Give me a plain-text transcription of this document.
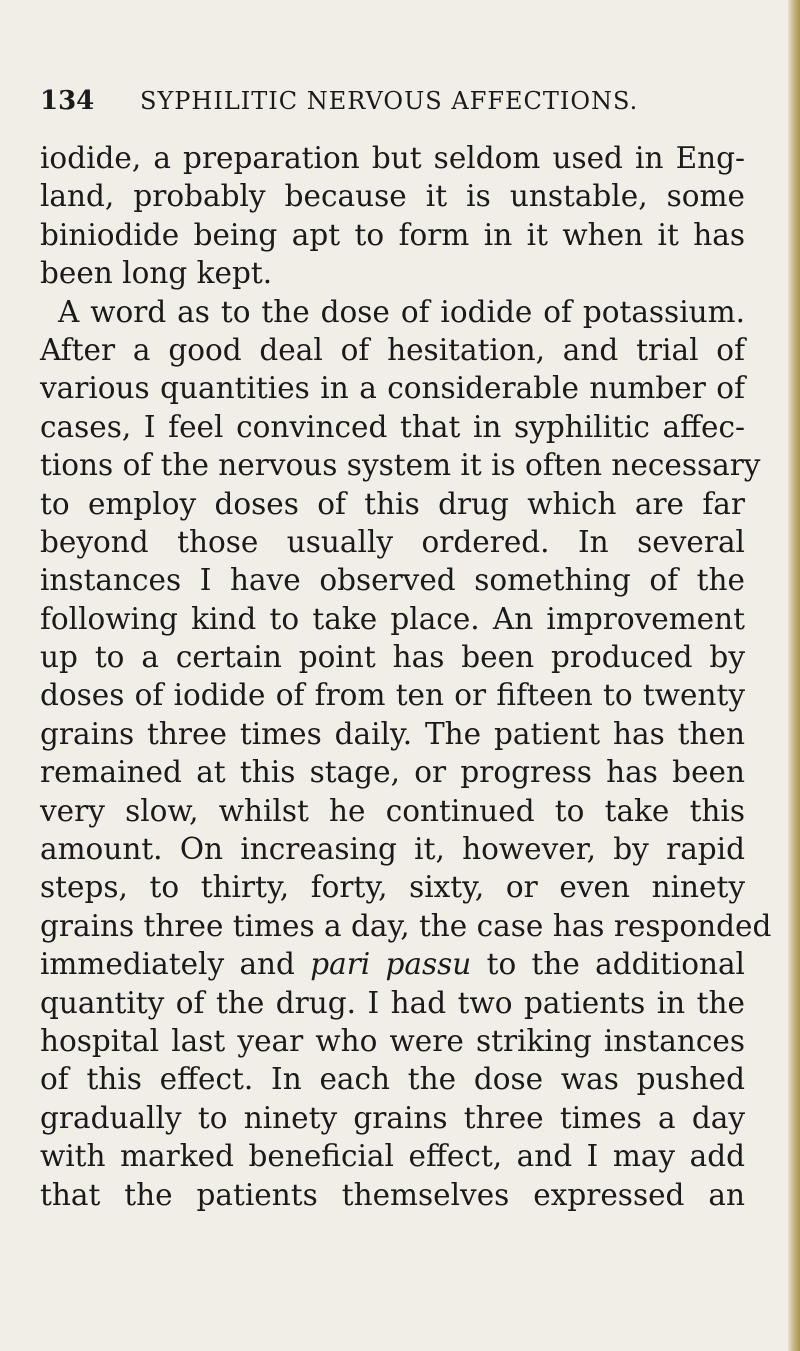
134	SYPHILITIC NERVOUS AFFECTIONS.
iodide, a preparation but seldom used in Eng-
land, probably because it is unstable, some
biniodide being apt to form in it when it has
been long kept.
A word as to the dose of iodide of potassium.
After a good deal of hesitation, and trial of
various quantities in a considerable number of
cases, I feel convinced that in syphilitic affec-
tions of the nervous system it is often necessary
to employ doses of this drug which are far
beyond those usually ordered. In several
instances I have observed something of the
following kind to take place. An improvement
up to a certain point has been produced by
doses of iodide of from ten or fifteen to twenty
grains three times daily. The patient has then
remained at this stage, or progress has been
very slow, whilst he continued to take this
amount. On increasing it, however, by rapid
steps, to thirty, forty, sixty, or even ninety
grains three times a day, the case has responded
immediately and pari passu to the additional
quantity of the drug. I had two patients in the
hospital last year who were striking instances
of this effect. In each the dose was pushed
gradually to ninety grains three times a day
with marked beneficial effect, and I may add
that the patients themselves expressed an
